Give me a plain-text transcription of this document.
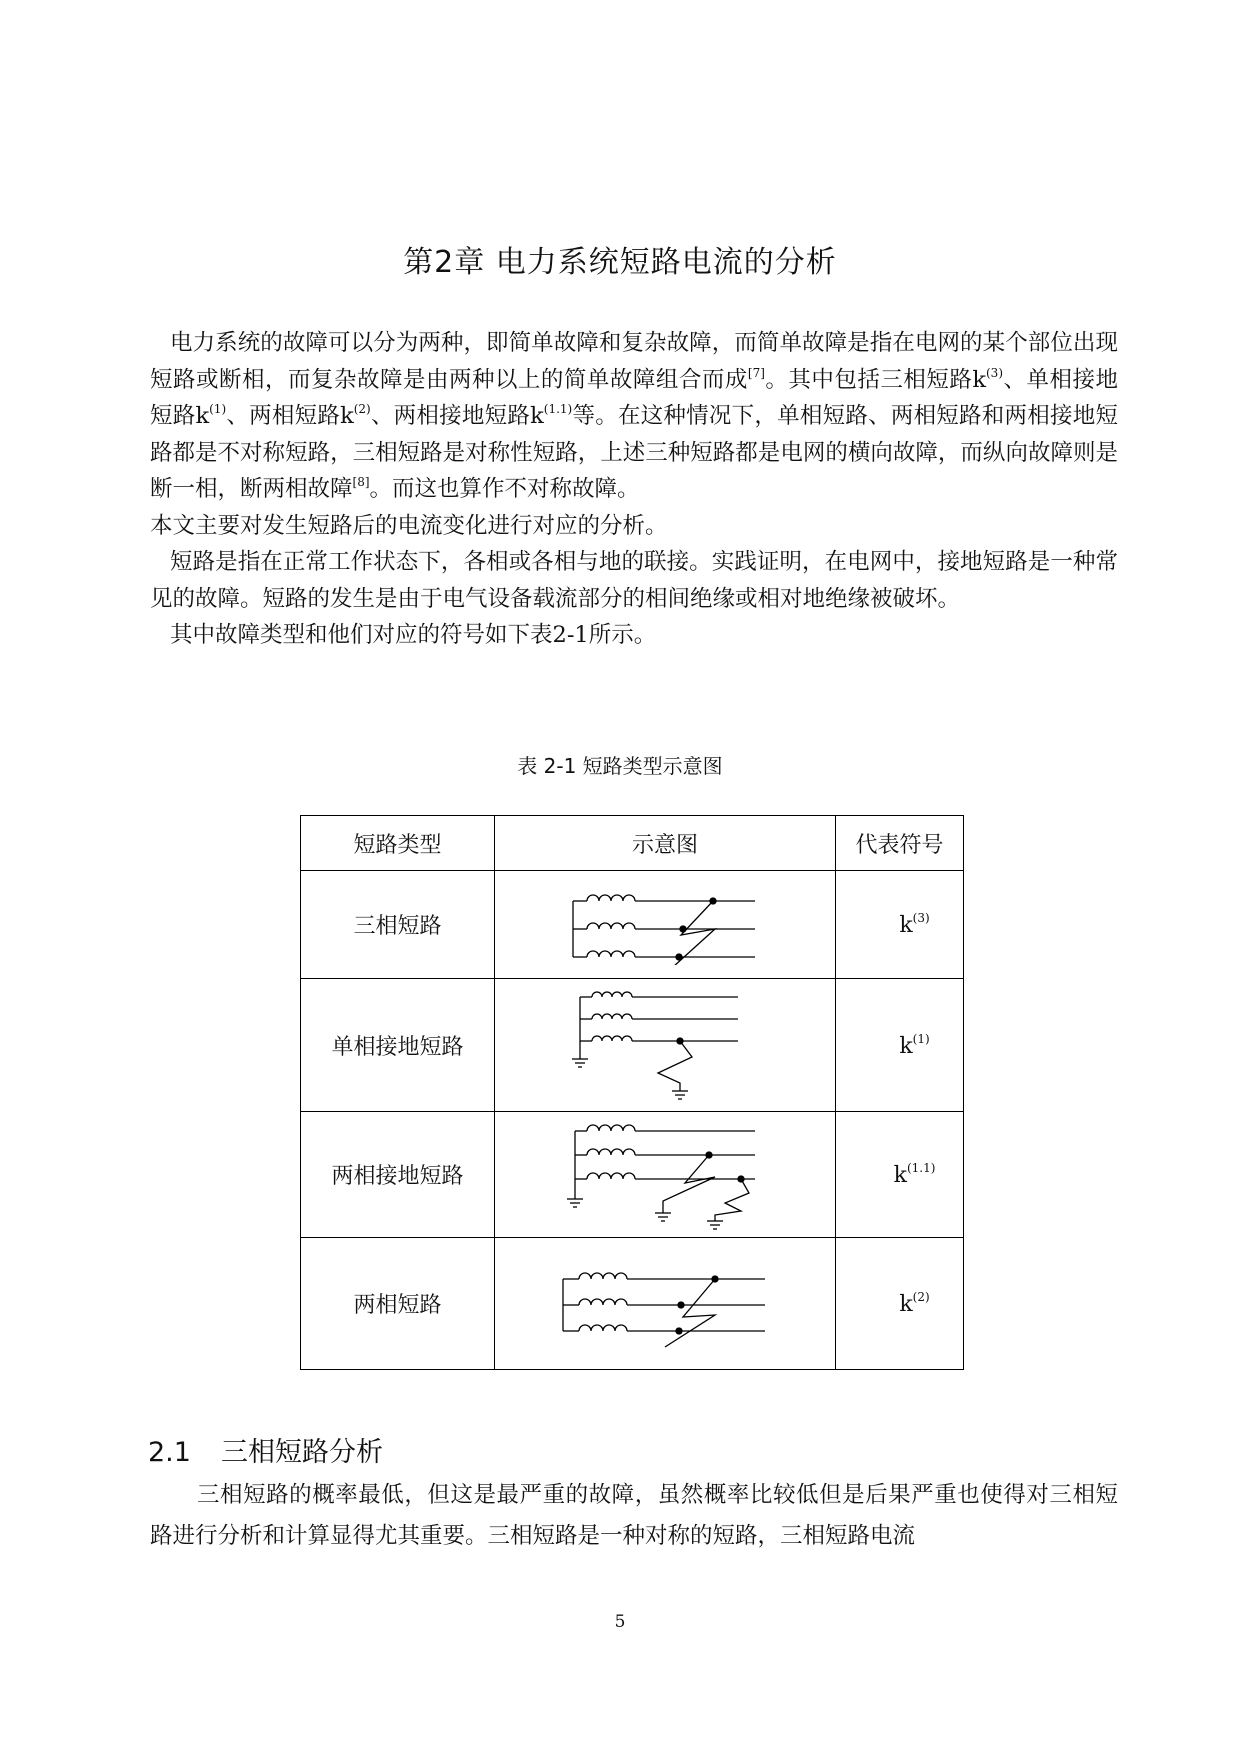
第2章 电力系统短路电流的分析

电力系统的故障可以分为两种，即简单故障和复杂故障，而简单故障是指在电网的某个部位出现短路或断相，而复杂故障是由两种以上的简单故障组合而成[7]。其中包括三相短路$k^{(3)}$、单相接地短路$k^{(1)}$、两相短路$k^{(2)}$、两相接地短路$k^{(1.1)}$等。在这种情况下，单相短路、两相短路和两相接地短路都是不对称短路，三相短路是对称性短路，上述三种短路都是电网的横向故障，而纵向故障则是断一相，断两相故障[8]。而这也算作不对称故障。

本文主要对发生短路后的电流变化进行对应的分析。

短路是指在正常工作状态下，各相或各相与地的联接。实践证明，在电网中，接地短路是一种常见的故障。短路的发生是由于电气设备载流部分的相间绝缘或相对地绝缘被破坏。

其中故障类型和他们对应的符号如下表2-1所示。

表 2-1 短路类型示意图
短路类型	示意图	代表符号
三相短路		$k^{(3)}$
单相接地短路		$k^{(1)}$
两相接地短路		$k^{(1.1)}$
两相短路		$k^{(2)}$
2.1 三相短路分析

三相短路的概率最低，但这是最严重的故障，虽然概率比较低但是后果严重也使得对三相短路进行分析和计算显得尤其重要。三相短路是一种对称的短路，三相短路电流

5
